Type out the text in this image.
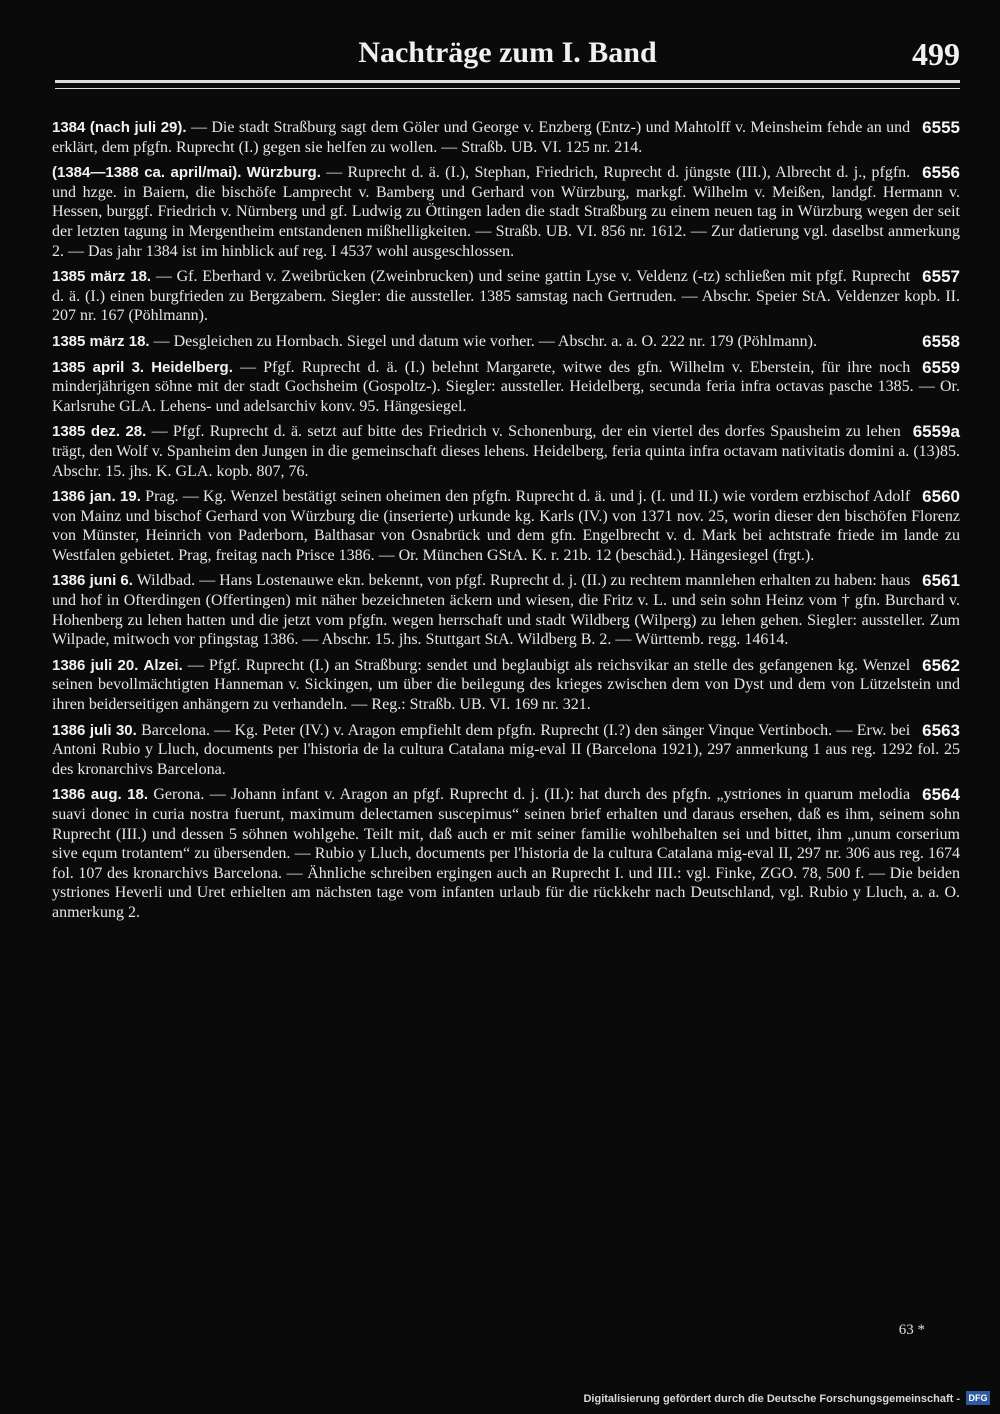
Nachträge zum I. Band	499
6555
1384 (nach juli 29). — Die stadt Straßburg sagt dem Göler und George v. Enzberg (Entz-) und Mahtolff v. Meinsheim fehde an und erklärt, dem pfgfn. Ruprecht (I.) gegen sie helfen zu wollen. — Straßb. UB. VI. 125 nr. 214.
6556
(1384—1388 ca. april/mai). Würzburg. — Ruprecht d. ä. (I.), Stephan, Friedrich, Ruprecht d. jüngste (III.), Albrecht d. j., pfgfn. und hzge. in Baiern, die bischöfe Lamprecht v. Bamberg und Gerhard von Würzburg, markgf. Wilhelm v. Meißen, landgf. Hermann v. Hessen, burggf. Friedrich v. Nürnberg und gf. Ludwig zu Öttingen laden die stadt Straßburg zu einem neuen tag in Würzburg wegen der seit der letzten tagung in Mergentheim entstandenen mißhelligkeiten. — Straßb. UB. VI. 856 nr. 1612. — Zur datierung vgl. daselbst anmerkung 2. — Das jahr 1384 ist im hinblick auf reg. I 4537 wohl ausgeschlossen.
6557
1385 märz 18. — Gf. Eberhard v. Zweibrücken (Zweinbrucken) und seine gattin Lyse v. Veldenz (-tz) schließen mit pfgf. Ruprecht d. ä. (I.) einen burgfrieden zu Bergzabern. Siegler: die aussteller. 1385 samstag nach Gertruden. — Abschr. Speier StA. Veldenzer kopb. II. 207 nr. 167 (Pöhlmann).
6558
1385 märz 18. — Desgleichen zu Hornbach. Siegel und datum wie vorher. — Abschr. a. a. O. 222 nr. 179 (Pöhlmann).
6559
1385 april 3. Heidelberg. — Pfgf. Ruprecht d. ä. (I.) belehnt Margarete, witwe des gfn. Wilhelm v. Eberstein, für ihre noch minderjährigen söhne mit der stadt Gochsheim (Gospoltz-). Siegler: aussteller. Heidelberg, secunda feria infra octavas pasche 1385. — Or. Karlsruhe GLA. Lehens- und adelsarchiv konv. 95. Hängesiegel.
6559a
1385 dez. 28. — Pfgf. Ruprecht d. ä. setzt auf bitte des Friedrich v. Schonenburg, der ein viertel des dorfes Spausheim zu lehen trägt, den Wolf v. Spanheim den Jungen in die gemeinschaft dieses lehens. Heidelberg, feria quinta infra octavam nativitatis domini a. (13)85. Abschr. 15. jhs. K. GLA. kopb. 807, 76.
6560
1386 jan. 19. Prag. — Kg. Wenzel bestätigt seinen oheimen den pfgfn. Ruprecht d. ä. und j. (I. und II.) wie vordem erzbischof Adolf von Mainz und bischof Gerhard von Würzburg die (inserierte) urkunde kg. Karls (IV.) von 1371 nov. 25, worin dieser den bischöfen Florenz von Münster, Heinrich von Paderborn, Balthasar von Osnabrück und dem gfn. Engelbrecht v. d. Mark bei achtstrafe friede im lande zu Westfalen gebietet. Prag, freitag nach Prisce 1386. — Or. München GStA. K. r. 21b. 12 (beschäd.). Hängesiegel (frgt.).
6561
1386 juni 6. Wildbad. — Hans Lostenauwe ekn. bekennt, von pfgf. Ruprecht d. j. (II.) zu rechtem mannlehen erhalten zu haben: haus und hof in Ofterdingen (Offertingen) mit näher bezeichneten äckern und wiesen, die Fritz v. L. und sein sohn Heinz vom † gfn. Burchard v. Hohenberg zu lehen hatten und die jetzt vom pfgfn. wegen herrschaft und stadt Wildberg (Wilperg) zu lehen gehen. Siegler: aussteller. Zum Wilpade, mitwoch vor pfingstag 1386. — Abschr. 15. jhs. Stuttgart StA. Wildberg B. 2. — Württemb. regg. 14614.
6562
1386 juli 20. Alzei. — Pfgf. Ruprecht (I.) an Straßburg: sendet und beglaubigt als reichsvikar an stelle des gefangenen kg. Wenzel seinen bevollmächtigten Hanneman v. Sickingen, um über die beilegung des krieges zwischen dem von Dyst und dem von Lützelstein und ihren beiderseitigen anhängern zu verhandeln. — Reg.: Straßb. UB. VI. 169 nr. 321.
6563
1386 juli 30. Barcelona. — Kg. Peter (IV.) v. Aragon empfiehlt dem pfgfn. Ruprecht (I.?) den sänger Vinque Vertinboch. — Erw. bei Antoni Rubio y Lluch, documents per l'historia de la cultura Catalana mig-eval II (Barcelona 1921), 297 anmerkung 1 aus reg. 1292 fol. 25 des kronarchivs Barcelona.
6564
1386 aug. 18. Gerona. — Johann infant v. Aragon an pfgf. Ruprecht d. j. (II.): hat durch des pfgfn. „ystriones in quarum melodia suavi donec in curia nostra fuerunt, maximum delectamen suscepimus“ seinen brief erhalten und daraus ersehen, daß es ihm, seinem sohn Ruprecht (III.) und dessen 5 söhnen wohlgehe. Teilt mit, daß auch er mit seiner familie wohlbehalten sei und bittet, ihm „unum corserium sive equm trotantem“ zu übersenden. — Rubio y Lluch, documents per l'historia de la cultura Catalana mig-eval II, 297 nr. 306 aus reg. 1674 fol. 107 des kronarchivs Barcelona. — Ähnliche schreiben ergingen auch an Ruprecht I. und III.: vgl. Finke, ZGO. 78, 500 f. — Die beiden ystriones Heverli und Uret erhielten am nächsten tage vom infanten urlaub für die rückkehr nach Deutschland, vgl. Rubio y Lluch, a. a. O. anmerkung 2.
63 *
Digitalisierung gefördert durch die Deutsche Forschungsgemeinschaft - DFG
